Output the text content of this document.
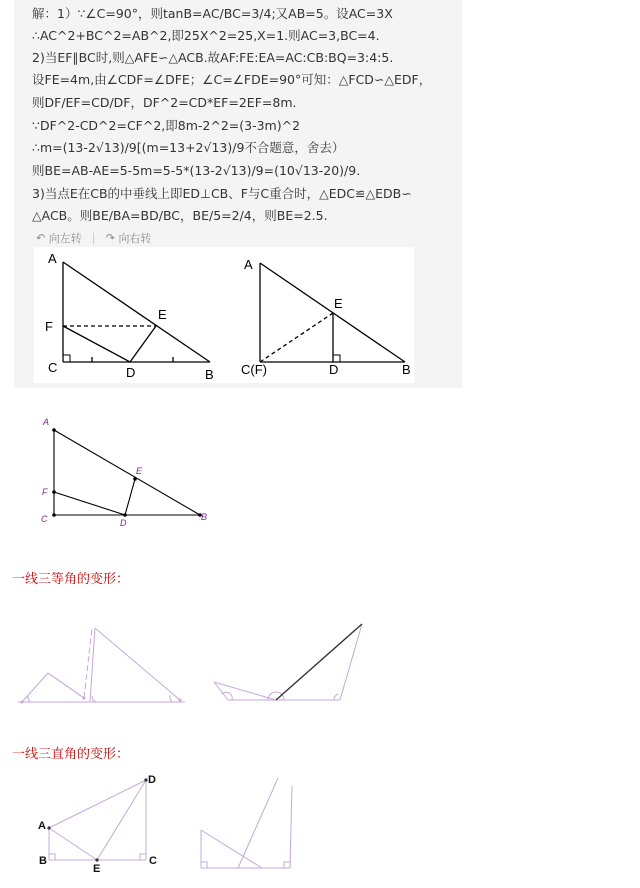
解：1）∵∠C=90°，则tanB=AC/BC=3/4;又AB=5。设AC=3X
∴AC^2+BC^2=AB^2,即25X^2=25,X=1.则AC=3,BC=4.
2)当EF∥BC时,则△AFE∽△ACB.故AF:FE:EA=AC:CB:BQ=3:4:5.
设FE=4m,由∠CDF=∠DFE；∠C=∠FDE=90°可知：△FCD∽△EDF，
则DF/EF=CD/DF，DF^2=CD*EF=2EF=8m.
∵DF^2-CD^2=CF^2,即8m-2^2=(3-3m)^2
∴m=(13-2√13)/9[(m=13+2√13)/9不合题意，舍去）
则BE=AB-AE=5-5m=5-5*(13-2√13)/9=(10√13-20)/9.
3)当点E在CB的中垂线上即ED⊥CB、F与C重合时，△EDC≌△EDB∽
△ACB。则BE/BA=BD/BC，BE/5=2/4，则BE=2.5.
↶ 向左转 ↷ 向右转
A
F
E
C	D	B
A
E
C(F)	D	B
A
F
C	D
E
B
一线三等角的变形：
一线三直角的变形：
D
A
B
E
C
